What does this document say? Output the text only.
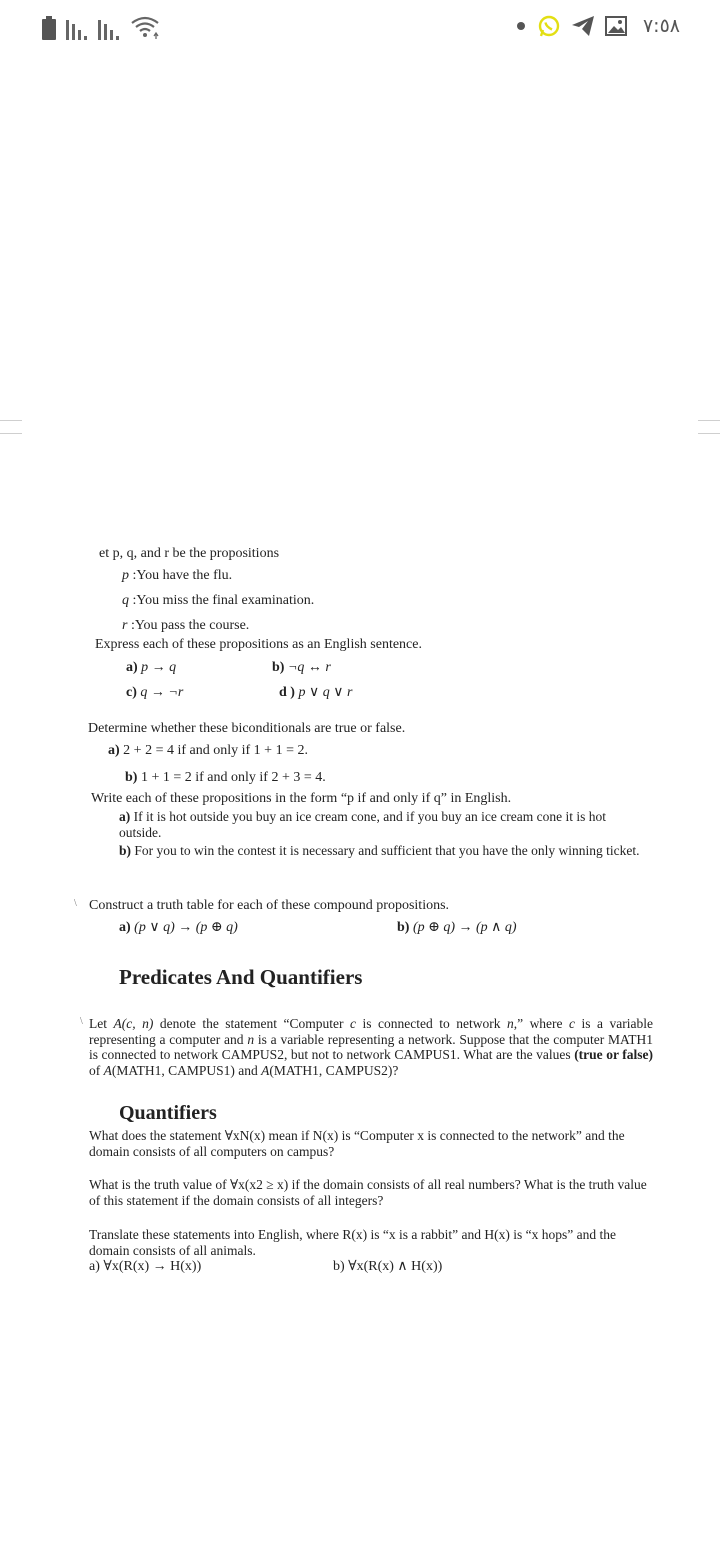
٧:٥٨
et p, q, and r be the propositions
p :You have the flu.
q :You miss the final examination.
r :You pass the course.
Express each of these propositions as an English sentence.
a) p → q	b) ¬q ↔ r
c) q → ¬r	d ) p ∨ q ∨ r
Determine whether these biconditionals are true or false.
a) 2 + 2 = 4 if and only if 1 + 1 = 2.
b) 1 + 1 = 2 if and only if 2 + 3 = 4.
Write each of these propositions in the form “p if and only if q” in English.
a) If it is hot outside you buy an ice cream cone, and if you buy an ice cream cone it is hot outside.
b) For you to win the contest it is necessary and sufficient that you have the only winning ticket.
\ Construct a truth table for each of these compound propositions.
a) (p ∨ q) → (p ⊕ q)	b) (p ⊕ q) → (p ∧ q)
Predicates And Quantifiers
\ Let A(c, n) denote the statement “Computer c is connected to network n,” where c is a variable representing a computer and n is a variable representing a network. Suppose that the computer MATH1 is connected to network CAMPUS2, but not to network CAMPUS1. What are the values (true or false) of A(MATH1, CAMPUS1) and A(MATH1, CAMPUS2)?
Quantifiers
What does the statement ∀xN(x) mean if N(x) is “Computer x is connected to the network” and the domain consists of all computers on campus?
What is the truth value of ∀x(x2 ≥ x) if the domain consists of all real numbers? What is the truth value of this statement if the domain consists of all integers?
Translate these statements into English, where R(x) is “x is a rabbit” and H(x) is “x hops” and the domain consists of all animals.
a) ∀x(R(x) → H(x))	b) ∀x(R(x) ∧ H(x))
